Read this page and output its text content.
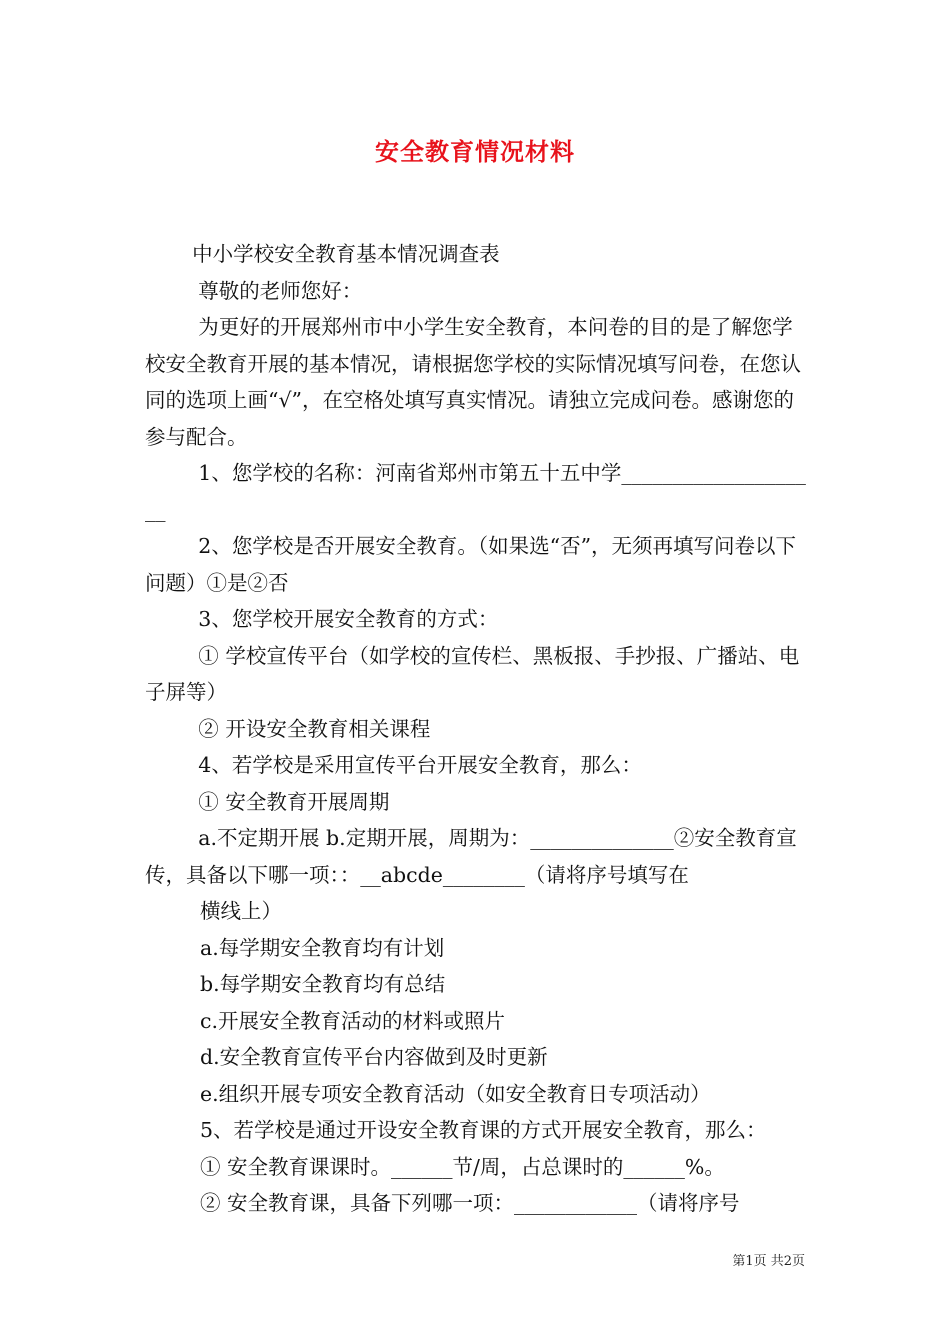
安全教育情况材料

中小学校安全教育基本情况调查表

尊敬的老师您好：

为更好的开展郑州市中小学生安全教育，本问卷的目的是了解您学校安全教育开展的基本情况，请根据您学校的实际情况填写问卷，在您认同的选项上画“√”，在空格处填写真实情况。请独立完成问卷。感谢您的参与配合。

1、您学校的名称：河南省郑州市第五十五中学____________________

2、您学校是否开展安全教育。（如果选“否”，无须再填写问卷以下问题）①是②否

3、您学校开展安全教育的方式：

① 学校宣传平台（如学校的宣传栏、黑板报、手抄报、广播站、电子屏等）

② 开设安全教育相关课程

4、若学校是采用宣传平台开展安全教育，那么：

① 安全教育开展周期

a.不定期开展 b.定期开展，周期为：______________②安全教育宣传，具备以下哪一项：：__abcde________（请将序号填写在

横线上）

a.每学期安全教育均有计划

b.每学期安全教育均有总结

c.开展安全教育活动的材料或照片

d.安全教育宣传平台内容做到及时更新

e.组织开展专项安全教育活动（如安全教育日专项活动）

5、若学校是通过开设安全教育课的方式开展安全教育，那么：

① 安全教育课课时。______节/周，占总课时的______%。

② 安全教育课，具备下列哪一项：____________（请将序号

第1页 共2页
